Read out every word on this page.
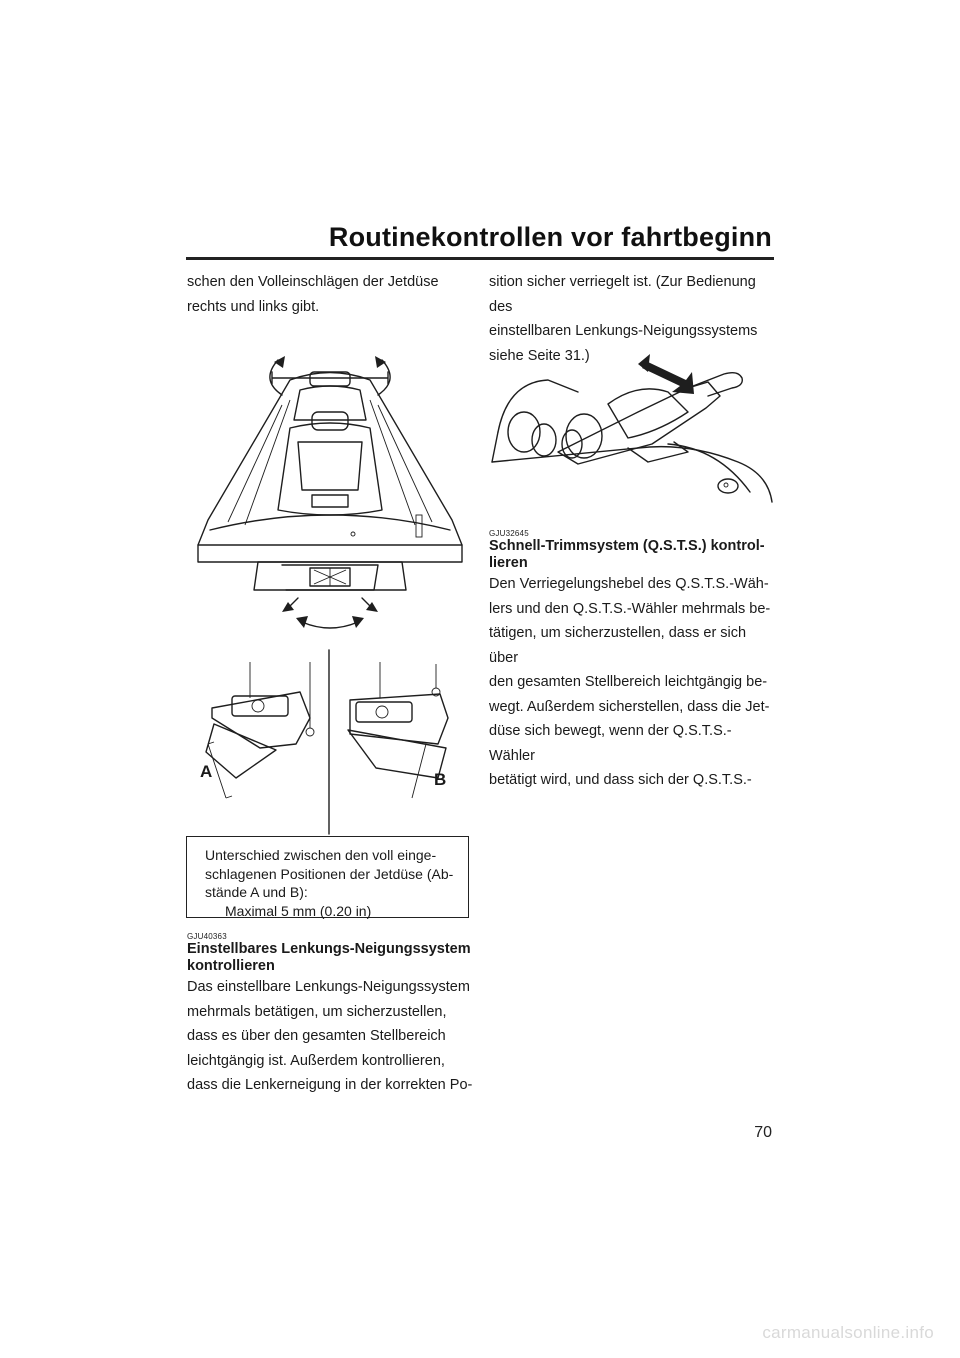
Routinekontrollen vor fahrtbeginn

schen den Volleinschlägen der Jetdüse

rechts und links gibt.

A	B
Unterschied zwischen den voll einge-
schlagenen Positionen der Jetdüse (Ab-
stände A und B):
Maximal 5 mm (0.20 in)
GJU40363
Einstellbares Lenkungs-Neigungssystem
kontrollieren

Das einstellbare Lenkungs-Neigungssystem

mehrmals betätigen, um sicherzustellen,

dass es über den gesamten Stellbereich

leichtgängig ist. Außerdem kontrollieren,

dass die Lenkerneigung in der korrekten Po-

sition sicher verriegelt ist. (Zur Bedienung des

einstellbaren Lenkungs-Neigungssystems

siehe Seite 31.)

GJU32645
Schnell-Trimmsystem (Q.S.T.S.) kontrol-
lieren

Den Verriegelungshebel des Q.S.T.S.-Wäh-

lers und den Q.S.T.S.-Wähler mehrmals be-

tätigen, um sicherzustellen, dass er sich über

den gesamten Stellbereich leichtgängig be-

wegt. Außerdem sicherstellen, dass die Jet-

düse sich bewegt, wenn der Q.S.T.S.-Wähler

betätigt wird, und dass sich der Q.S.T.S.-

70
carmanualsonline.info
